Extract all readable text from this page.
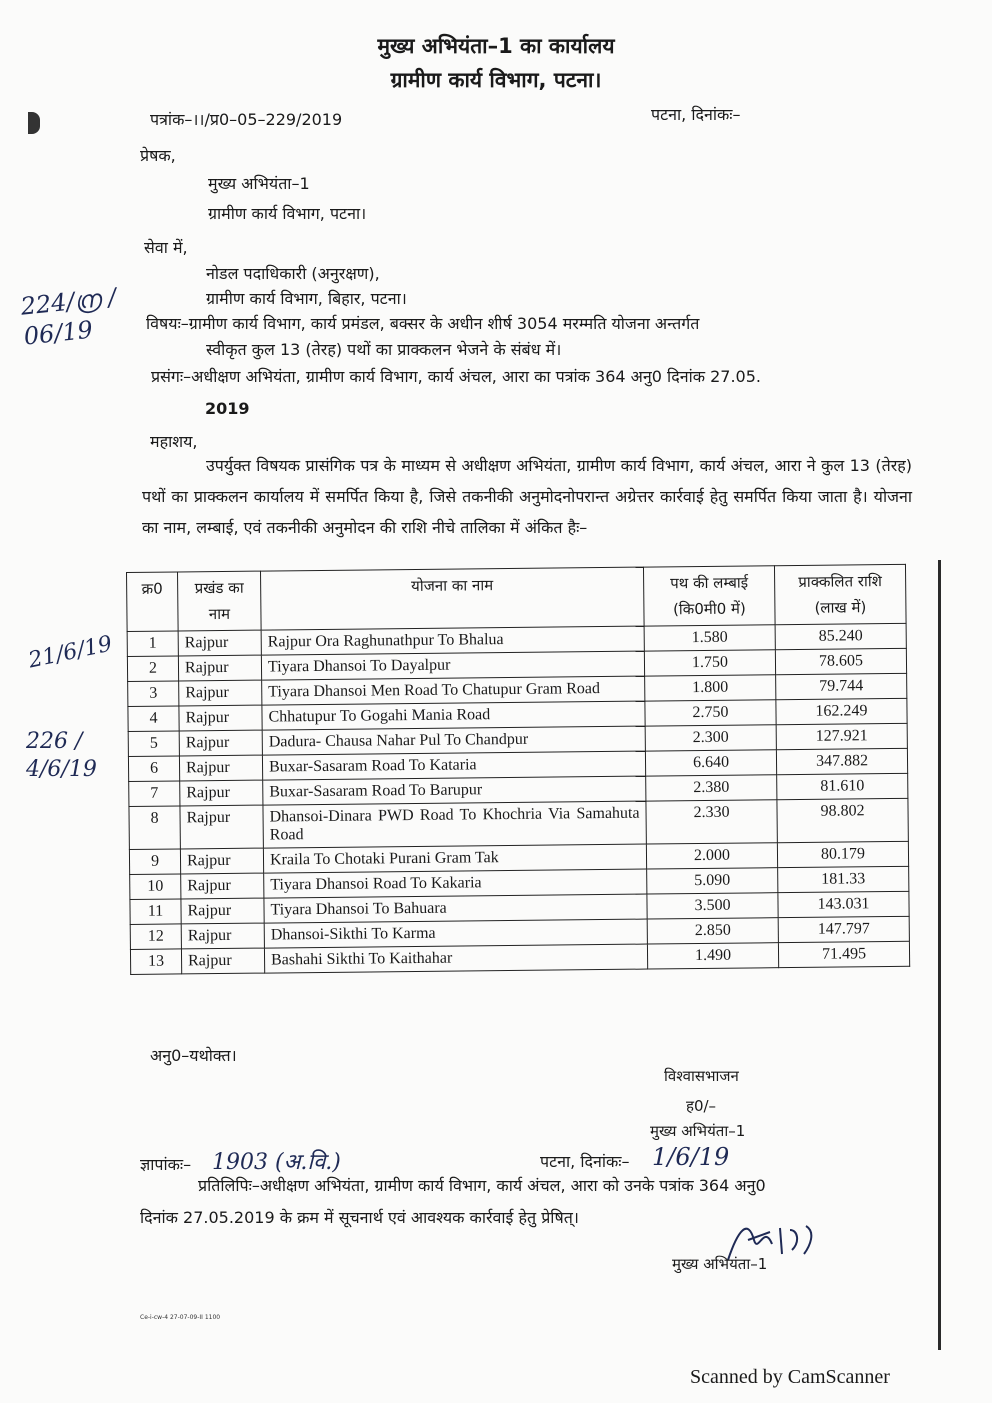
मुख्य अभियंता–1 का कार्यालय
ग्रामीण कार्य विभाग, पटना।
पत्रांक–।।/प्र0–05–229/2019	पटना, दिनांकः–
प्रेषक,
मुख्य अभियंता–1
ग्रामीण कार्य विभाग, पटना।
सेवा में,
नोडल पदाधिकारी (अनुरक्षण),
ग्रामीण कार्य विभाग, बिहार, पटना।
विषयः–ग्रामीण कार्य विभाग, कार्य प्रमंडल, बक्सर के अधीन शीर्ष 3054 मरम्मति योजना अन्तर्गत
स्वीकृत कुल 13 (तेरह) पथों का प्राक्कलन भेजने के संबंध में।
प्रसंगः–अधीक्षण अभियंता, ग्रामीण कार्य विभाग, कार्य अंचल, आरा का पत्रांक 364 अनु0 दिनांक 27.05.
2019
महाशय,
उपर्युक्त विषयक प्रासंगिक पत्र के माध्यम से अधीक्षण अभियंता, ग्रामीण कार्य विभाग, कार्य अंचल, आरा ने कुल 13 (तेरह) पथों का प्राक्कलन कार्यालय में समर्पित किया है, जिसे तकनीकी अनुमोदनोपरान्त अग्रेत्तर कार्रवाई हेतु समर्पित किया जाता है। योजना का नाम, लम्बाई, एवं तकनीकी अनुमोदन की राशि नीचे तालिका में अंकित हैः–
क्र0	प्रखंड का नाम	योजना का नाम	पथ की लम्बाई (कि0मी0 में)	प्राक्कलित राशि (लाख में)
1	Rajpur	Rajpur Ora Raghunathpur To Bhalua	1.580	85.240
2	Rajpur	Tiyara Dhansoi To Dayalpur	1.750	78.605
3	Rajpur	Tiyara Dhansoi Men Road To Chatupur Gram Road	1.800	79.744
4	Rajpur	Chhatupur To Gogahi Mania Road	2.750	162.249
5	Rajpur	Dadura- Chausa Nahar Pul To Chandpur	2.300	127.921
6	Rajpur	Buxar-Sasaram Road To Kataria	6.640	347.882
7	Rajpur	Buxar-Sasaram Road To Barupur	2.380	81.610
8	Rajpur	Dhansoi-Dinara PWD Road To Khochria Via Samahuta Road	2.330	98.802
9	Rajpur	Kraila To Chotaki Purani Gram Tak	2.000	80.179
10	Rajpur	Tiyara Dhansoi Road To Kakaria	5.090	181.33
11	Rajpur	Tiyara Dhansoi To Bahuara	3.500	143.031
12	Rajpur	Dhansoi-Sikthi To Karma	2.850	147.797
13	Rajpur	Bashahi Sikthi To Kaithahar	1.490	71.495
अनु0–यथोक्त।
विश्वासभाजन
ह0/–
मुख्य अभियंता–1
ज्ञापांकः– 1903 (अ.वि.)	पटना, दिनांकः– 1/6/19
प्रतिलिपिः–अधीक्षण अभियंता, ग्रामीण कार्य विभाग, कार्य अंचल, आरा को उनके पत्रांक 364 अनु0
दिनांक 27.05.2019 के क्रम में सूचनार्थ एवं आवश्यक कार्रवाई हेतु प्रेषित्।
मुख्य अभियंता–1
224/ന്ര / 06/19
21/6/19
226 / 4/6/19
Ce-i-cw-4 27-07-09-II 1100
Scanned by CamScanner
